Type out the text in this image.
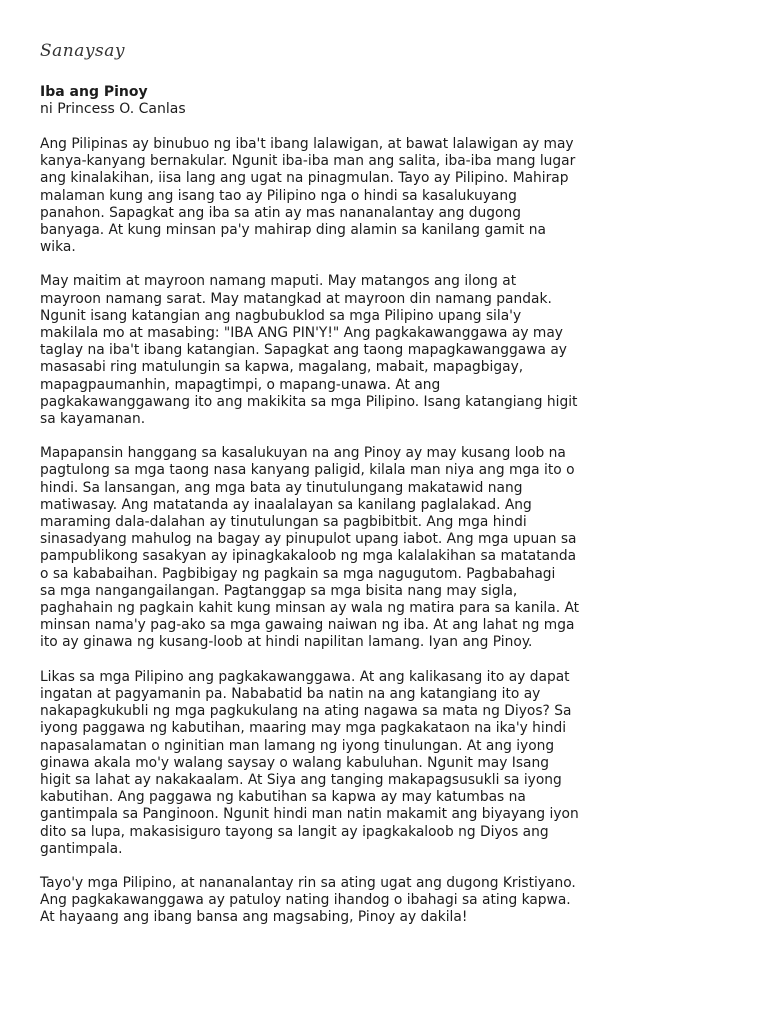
Sanaysay
Iba ang Pinoy
ni Princess O. Canlas
Ang Pilipinas ay binubuo ng iba't ibang lalawigan, at bawat lalawigan ay may
kanya-kanyang bernakular. Ngunit iba-iba man ang salita, iba-iba mang lugar
ang kinalakihan, iisa lang ang ugat na pinagmulan. Tayo ay Pilipino. Mahirap
malaman kung ang isang tao ay Pilipino nga o hindi sa kasalukuyang
panahon. Sapagkat ang iba sa atin ay mas nananalantay ang dugong
banyaga. At kung minsan pa'y mahirap ding alamin sa kanilang gamit na
wika.
May maitim at mayroon namang maputi. May matangos ang ilong at
mayroon namang sarat. May matangkad at mayroon din namang pandak.
Ngunit isang katangian ang nagbubuklod sa mga Pilipino upang sila'y
makilala mo at masabing: "IBA ANG PIN'Y!" Ang pagkakawanggawa ay may
taglay na iba't ibang katangian. Sapagkat ang taong mapagkawanggawa ay
masasabi ring matulungin sa kapwa, magalang, mabait, mapagbigay,
mapagpaumanhin, mapagtimpi, o mapang-unawa. At ang
pagkakawanggawang ito ang makikita sa mga Pilipino. Isang katangiang higit
sa kayamanan.
Mapapansin hanggang sa kasalukuyan na ang Pinoy ay may kusang loob na
pagtulong sa mga taong nasa kanyang paligid, kilala man niya ang mga ito o
hindi. Sa lansangan, ang mga bata ay tinutulungang makatawid nang
matiwasay. Ang matatanda ay inaalalayan sa kanilang paglalakad. Ang
maraming dala-dalahan ay tinutulungan sa pagbibitbit. Ang mga hindi
sinasadyang mahulog na bagay ay pinupulot upang iabot. Ang mga upuan sa
pampublikong sasakyan ay ipinagkakaloob ng mga kalalakihan sa matatanda
o sa kababaihan. Pagbibigay ng pagkain sa mga nagugutom. Pagbabahagi
sa mga nangangailangan. Pagtanggap sa mga bisita nang may sigla,
paghahain ng pagkain kahit kung minsan ay wala ng matira para sa kanila. At
minsan nama'y pag-ako sa mga gawaing naiwan ng iba. At ang lahat ng mga
ito ay ginawa ng kusang-loob at hindi napilitan lamang. Iyan ang Pinoy.
Likas sa mga Pilipino ang pagkakawanggawa. At ang kalikasang ito ay dapat
ingatan at pagyamanin pa. Nababatid ba natin na ang katangiang ito ay
nakapagkukubli ng mga pagkukulang na ating nagawa sa mata ng Diyos? Sa
iyong paggawa ng kabutihan, maaring may mga pagkakataon na ika'y hindi
napasalamatan o nginitian man lamang ng iyong tinulungan. At ang iyong
ginawa akala mo'y walang saysay o walang kabuluhan. Ngunit may Isang
higit sa lahat ay nakakaalam. At Siya ang tanging makapagsusukli sa iyong
kabutihan. Ang paggawa ng kabutihan sa kapwa ay may katumbas na
gantimpala sa Panginoon. Ngunit hindi man natin makamit ang biyayang iyon
dito sa lupa, makasisiguro tayong sa langit ay ipagkakaloob ng Diyos ang
gantimpala.
Tayo'y mga Pilipino, at nananalantay rin sa ating ugat ang dugong Kristiyano.
Ang pagkakawanggawa ay patuloy nating ihandog o ibahagi sa ating kapwa.
At hayaang ang ibang bansa ang magsabing, Pinoy ay dakila!
